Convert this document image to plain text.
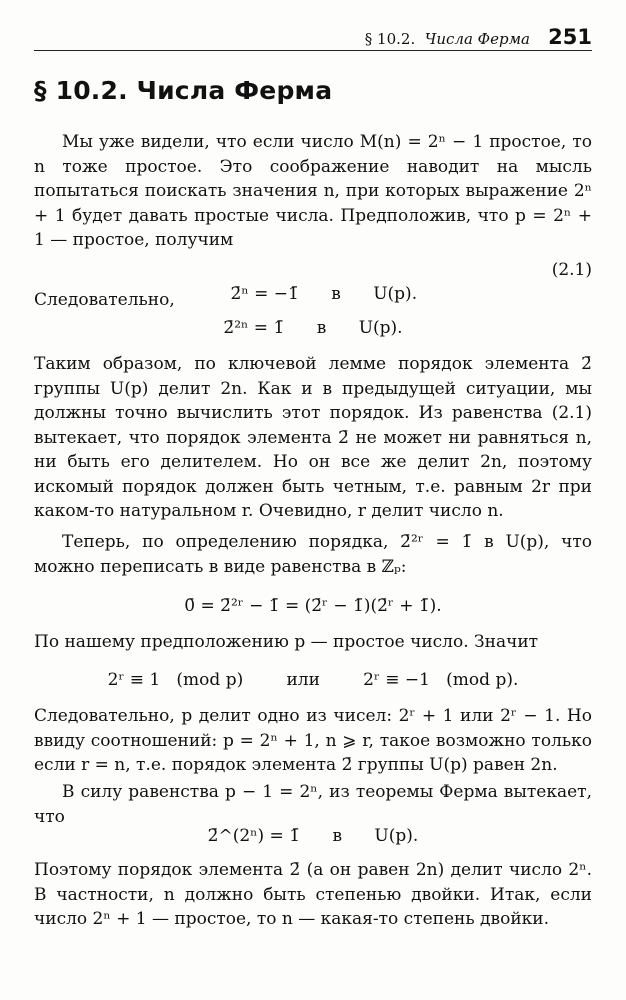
§ 10.2. Числа Ферма 251
§ 10.2. Числа Ферма
Мы уже видели, что если число M(n) = 2ⁿ − 1 простое, то n тоже простое. Это соображение наводит на мысль попытаться поискать значения n, при которых выражение 2ⁿ + 1 будет давать простые числа. Предположив, что p = 2ⁿ + 1 — простое, получим

2̄ⁿ = −1̄      в      U(p).

(2.1)

Следовательно,
2̄²ⁿ = 1̄      в      U(p).
Таким образом, по ключевой лемме порядок элемента 2̄ группы U(p) делит 2n. Как и в предыдущей ситуации, мы должны точно вычислить этот порядок. Из равенства (2.1) вытекает, что порядок элемента 2̄ не может ни равняться n, ни быть его делителем. Но он все же делит 2n, поэтому искомый порядок должен быть четным, т.е. равным 2r при каком-то натуральном r. Очевидно, r делит число n.
Теперь, по определению порядка, 2̄²ʳ = 1̄ в U(p), что можно переписать в виде равенства в ℤₚ:
0̄ = 2̄²ʳ − 1̄ = (2̄ʳ − 1̄)(2̄ʳ + 1̄).
По нашему предположению p — простое число. Значит
2ʳ ≡ 1   (mod p)        или        2ʳ ≡ −1   (mod p).
Следовательно, p делит одно из чисел: 2ʳ + 1 или 2ʳ − 1. Но ввиду соотношений: p = 2ⁿ + 1, n ⩾ r, такое возможно только если r = n, т.е. порядок элемента 2̄ группы U(p) равен 2n.
В силу равенства p − 1 = 2ⁿ, из теоремы Ферма вытекает, что
2̄^(2ⁿ) = 1̄      в      U(p).
Поэтому порядок элемента 2̄ (а он равен 2n) делит число 2ⁿ. В частности, n должно быть степенью двойки. Итак, если число 2ⁿ + 1 — простое, то n — какая-то степень двойки.
